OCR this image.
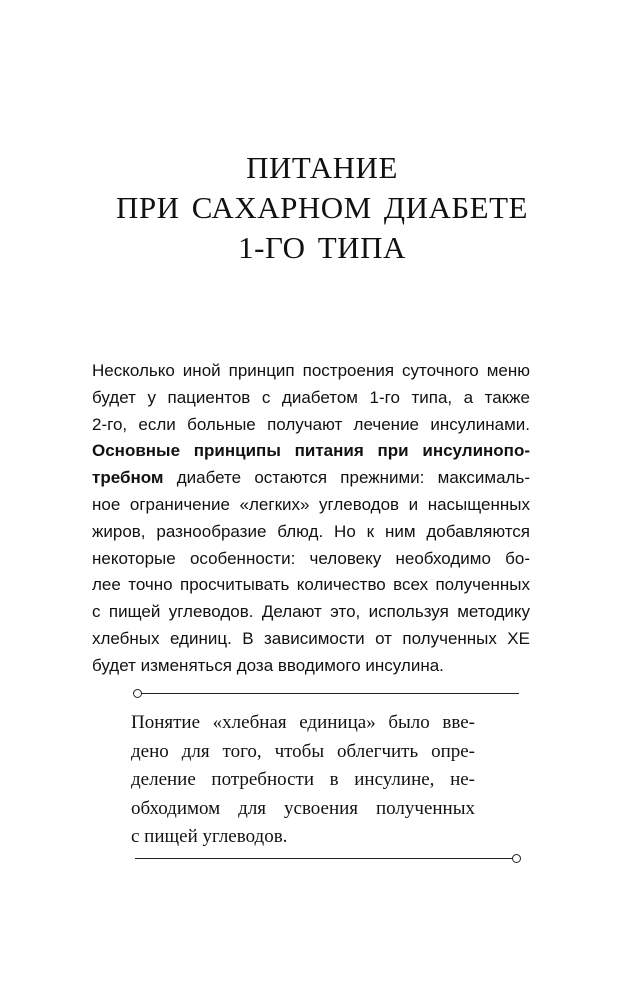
ПИТАНИЕ
ПРИ САХАРНОМ ДИАБЕТЕ
1-ГО ТИПА
Несколько иной принцип построения суточного меню
будет у пациентов с диабетом 1-го типа, а также
2-го, если больные получают лечение инсулинами.
Основные принципы питания при инсулинопо-
требном диабете остаются прежними: максималь-
ное ограничение «легких» углеводов и насыщенных
жиров, разнообразие блюд. Но к ним добавляются
некоторые особенности: человеку необходимо бо-
лее точно просчитывать количество всех полученных
с пищей углеводов. Делают это, используя методику
хлебных единиц. В зависимости от полученных ХЕ
будет изменяться доза вводимого инсулина.
Понятие «хлебная единица» было вве-
дено для того, чтобы облегчить опре-
деление потребности в инсулине, не-
обходимом для усвоения полученных
с пищей углеводов.
